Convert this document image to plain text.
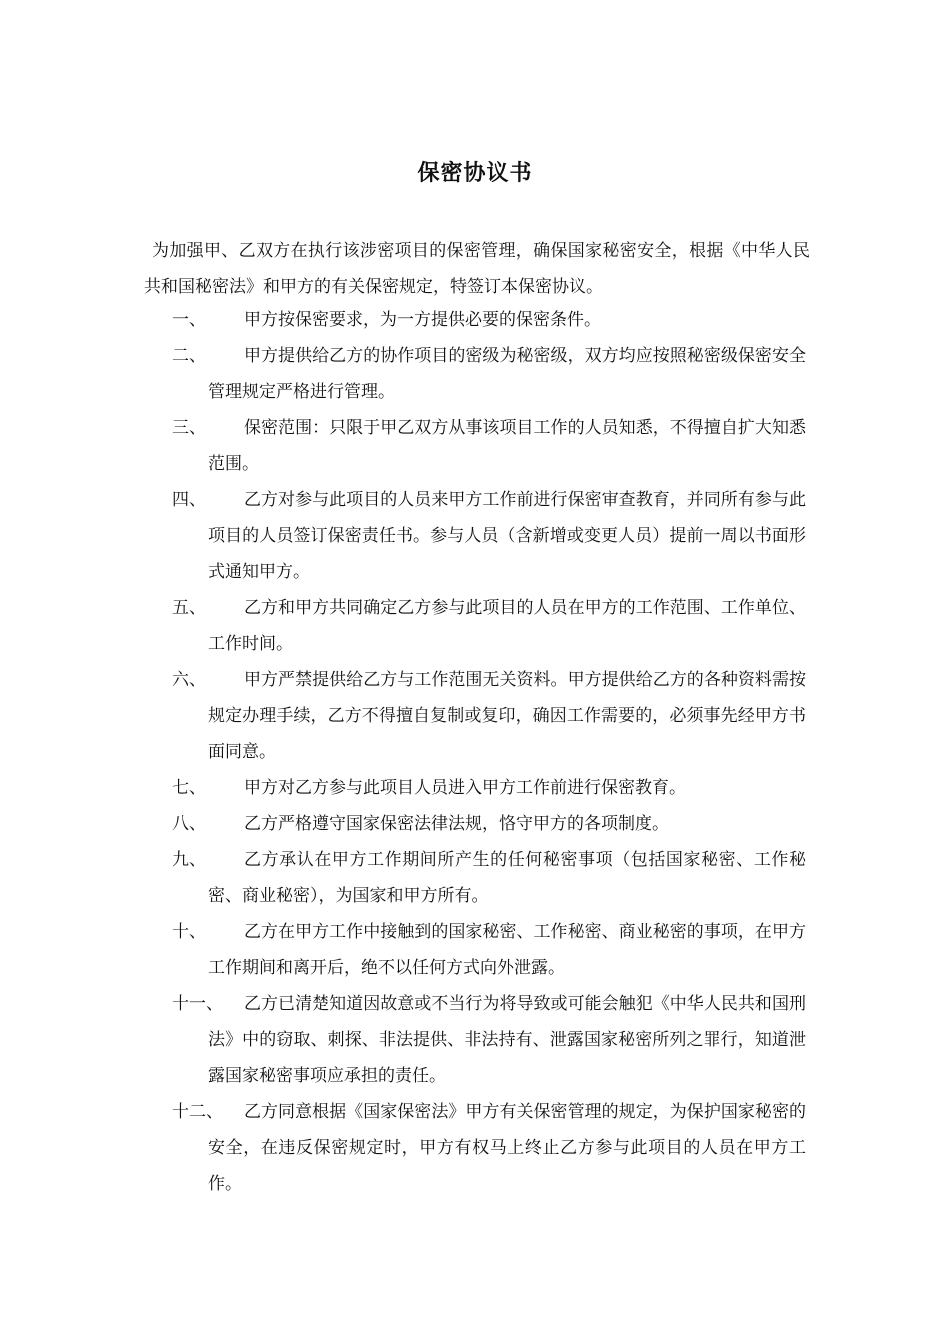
保密协议书
为加强甲、乙双方在执行该涉密项目的保密管理，确保国家秘密安全，根据《中华人民共和国秘密法》和甲方的有关保密规定，特签订本保密协议。
一、	甲方按保密要求，为一方提供必要的保密条件。
二、	甲方提供给乙方的协作项目的密级为秘密级，双方均应按照秘密级保密安全管理规定严格进行管理。
三、	保密范围：只限于甲乙双方从事该项目工作的人员知悉，不得擅自扩大知悉范围。
四、	乙方对参与此项目的人员来甲方工作前进行保密审查教育，并同所有参与此项目的人员签订保密责任书。参与人员（含新增或变更人员）提前一周以书面形式通知甲方。
五、	乙方和甲方共同确定乙方参与此项目的人员在甲方的工作范围、工作单位、工作时间。
六、	甲方严禁提供给乙方与工作范围无关资料。甲方提供给乙方的各种资料需按规定办理手续，乙方不得擅自复制或复印，确因工作需要的，必须事先经甲方书面同意。
七、	甲方对乙方参与此项目人员进入甲方工作前进行保密教育。
八、	乙方严格遵守国家保密法律法规，恪守甲方的各项制度。
九、	乙方承认在甲方工作期间所产生的任何秘密事项（包括国家秘密、工作秘密、商业秘密），为国家和甲方所有。
十、	乙方在甲方工作中接触到的国家秘密、工作秘密、商业秘密的事项，在甲方工作期间和离开后，绝不以任何方式向外泄露。
十一、	乙方已清楚知道因故意或不当行为将导致或可能会触犯《中华人民共和国刑法》中的窃取、刺探、非法提供、非法持有、泄露国家秘密所列之罪行，知道泄露国家秘密事项应承担的责任。
十二、	乙方同意根据《国家保密法》甲方有关保密管理的规定，为保护国家秘密的安全，在违反保密规定时，甲方有权马上终止乙方参与此项目的人员在甲方工作。
